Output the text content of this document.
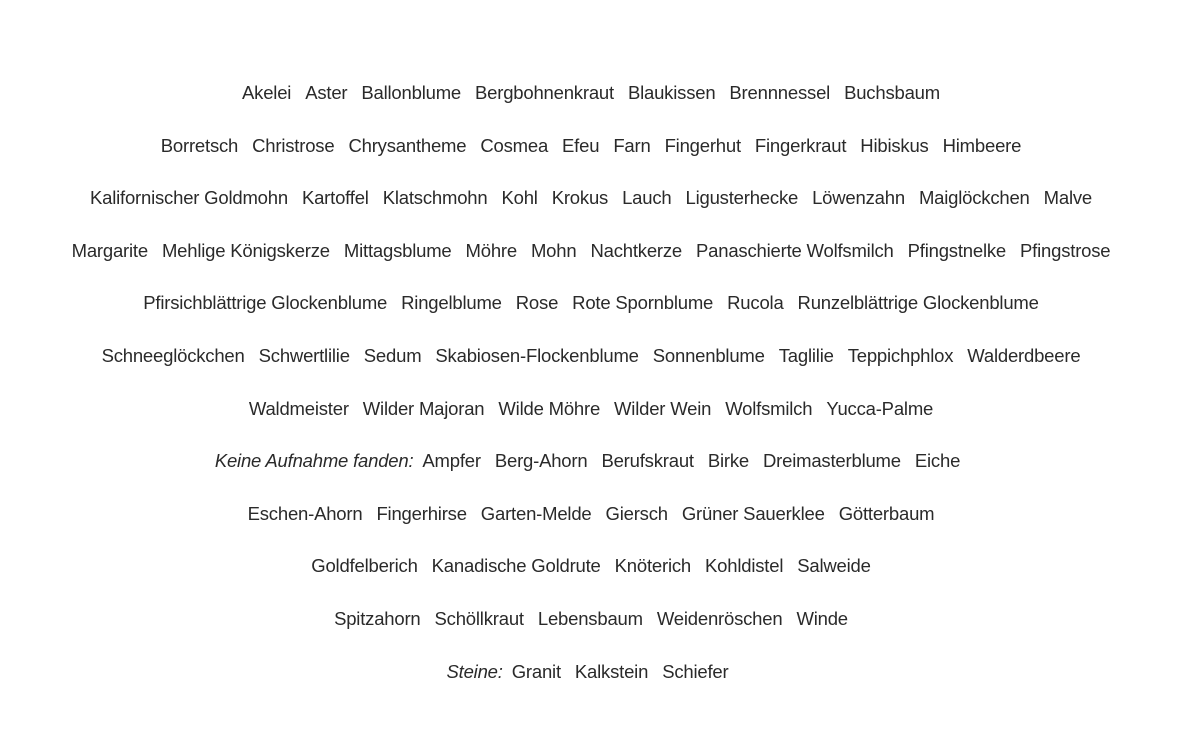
Akelei Aster Ballonblume Bergbohnenkraut Blaukissen Brennnessel Buchsbaum
Borretsch Christrose Chrysantheme Cosmea Efeu Farn Fingerhut Fingerkraut Hibiskus Himbeere
Kalifornischer Goldmohn Kartoffel Klatschmohn Kohl Krokus Lauch Ligusterhecke Löwenzahn Maiglöckchen Malve
Margarite Mehlige Königskerze Mittagsblume Möhre Mohn Nachtkerze Panaschierte Wolfsmilch Pfingstnelke Pfingstrose
Pfirsichblättrige Glockenblume Ringelblume Rose Rote Spornblume Rucola Runzelblättrige Glockenblume
Schneeglöckchen Schwertlilie Sedum Skabiosen-Flockenblume Sonnenblume Taglilie Teppichphlox Walderdbeere
Waldmeister Wilder Majoran Wilde Möhre Wilder Wein Wolfsmilch Yucca-Palme
Keine Aufnahme fanden: Ampfer Berg-Ahorn Berufskraut Birke Dreimasterblume Eiche
Eschen-Ahorn Fingerhirse Garten-Melde Giersch Grüner Sauerklee Götterbaum
Goldfelberich Kanadische Goldrute Knöterich Kohldistel Salweide
Spitzahorn Schöllkraut Lebensbaum Weidenröschen Winde
Steine: Granit Kalkstein Schiefer
